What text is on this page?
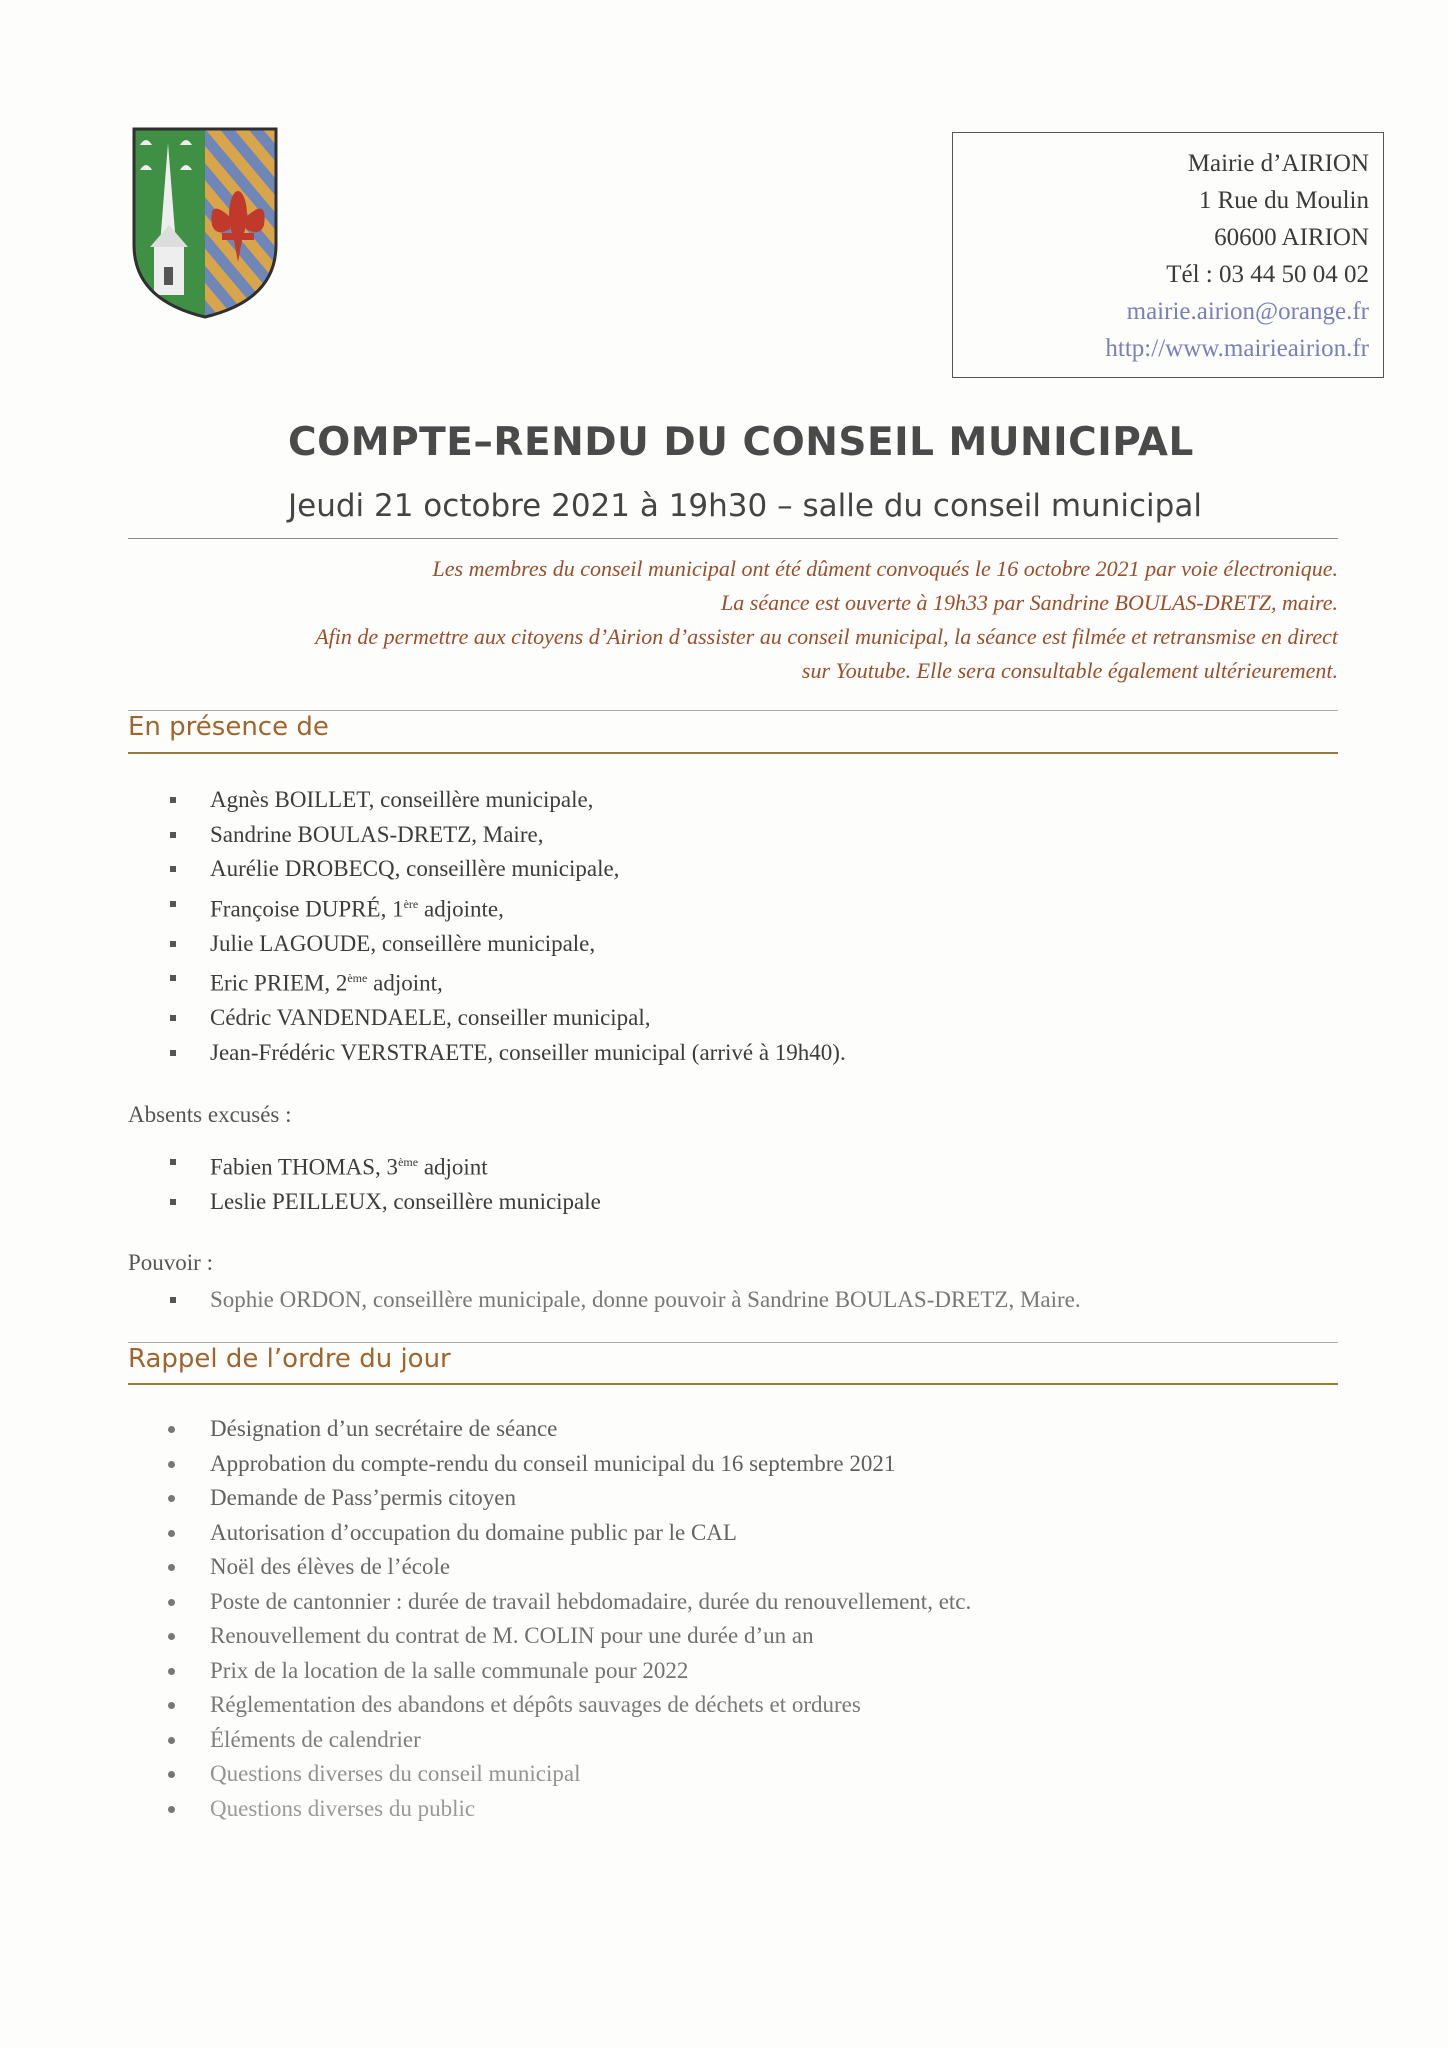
Mairie d’AIRION
1 Rue du Moulin
60600 AIRION
Tél : 03 44 50 04 02
mairie.airion@orange.fr
http://www.mairieairion.fr
COMPTE–RENDU DU CONSEIL MUNICIPAL
Jeudi 21 octobre 2021 à 19h30 – salle du conseil municipal
Les membres du conseil municipal ont été dûment convoqués le 16 octobre 2021 par voie électronique.
La séance est ouverte à 19h33 par Sandrine BOULAS-DRETZ, maire.
Afin de permettre aux citoyens d’Airion d’assister au conseil municipal, la séance est filmée et retransmise en direct
sur Youtube. Elle sera consultable également ultérieurement.
En présence de
Agnès BOILLET, conseillère municipale,
Sandrine BOULAS-DRETZ, Maire,
Aurélie DROBECQ, conseillère municipale,
Françoise DUPRÉ, 1ère adjointe,
Julie LAGOUDE, conseillère municipale,
Eric PRIEM, 2ème adjoint,
Cédric VANDENDAELE, conseiller municipal,
Jean-Frédéric VERSTRAETE, conseiller municipal (arrivé à 19h40).
Absents excusés :
Fabien THOMAS, 3ème adjoint
Leslie PEILLEUX, conseillère municipale
Pouvoir :
Sophie ORDON, conseillère municipale, donne pouvoir à Sandrine BOULAS-DRETZ, Maire.
Rappel de l’ordre du jour
Désignation d’un secrétaire de séance
Approbation du compte-rendu du conseil municipal du 16 septembre 2021
Demande de Pass’permis citoyen
Autorisation d’occupation du domaine public par le CAL
Noël des élèves de l’école
Poste de cantonnier : durée de travail hebdomadaire, durée du renouvellement, etc.
Renouvellement du contrat de M. COLIN pour une durée d’un an
Prix de la location de la salle communale pour 2022
Réglementation des abandons et dépôts sauvages de déchets et ordures
Éléments de calendrier
Questions diverses du conseil municipal
Questions diverses du public
